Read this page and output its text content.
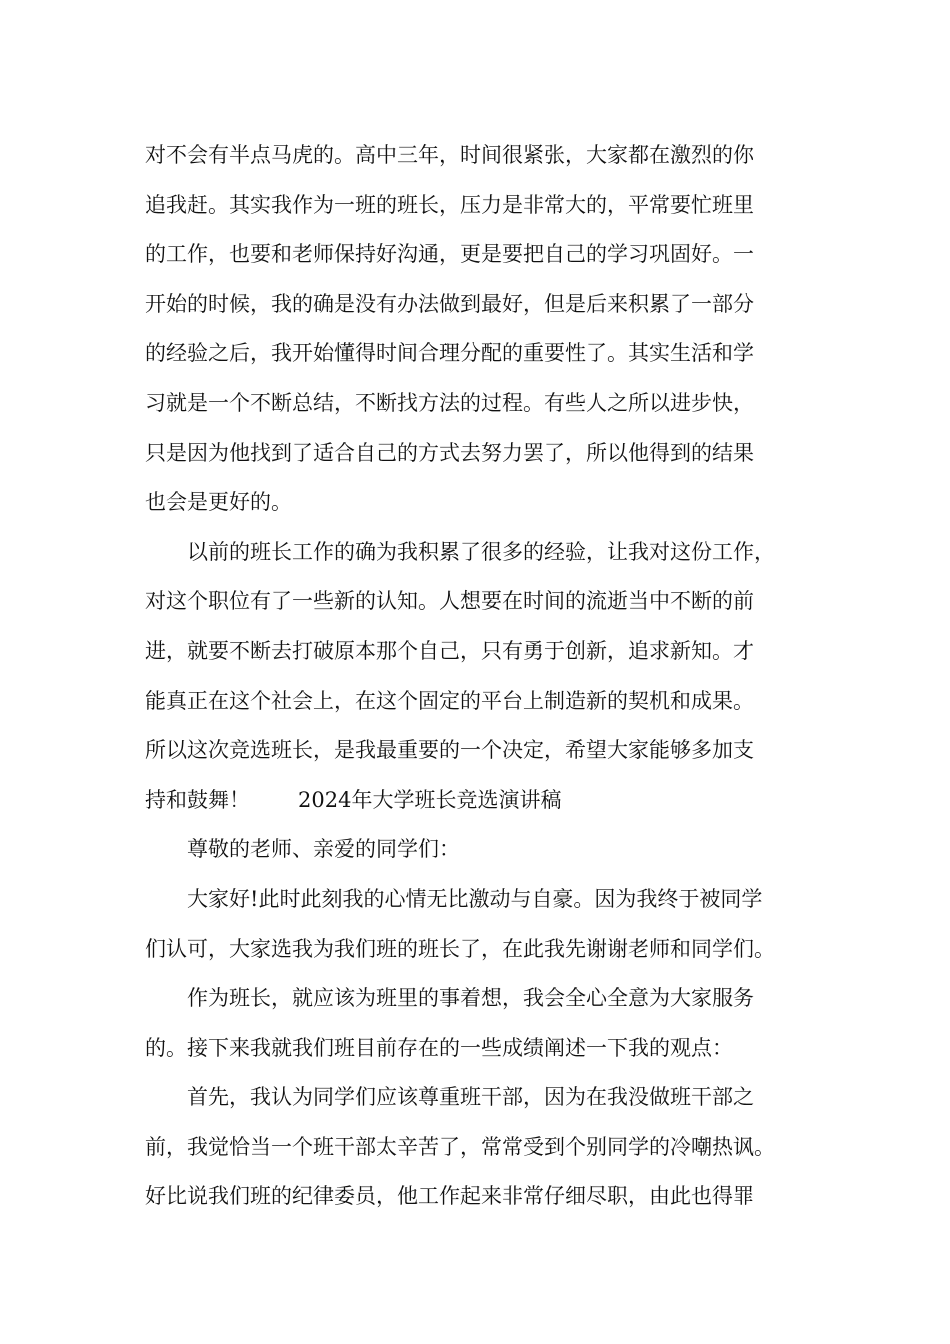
对不会有半点马虎的。高中三年，时间很紧张，大家都在激烈的你
追我赶。其实我作为一班的班长，压力是非常大的，平常要忙班里
的工作，也要和老师保持好沟通，更是要把自己的学习巩固好。一
开始的时候，我的确是没有办法做到最好，但是后来积累了一部分
的经验之后，我开始懂得时间合理分配的重要性了。其实生活和学
习就是一个不断总结，不断找方法的过程。有些人之所以进步快，
只是因为他找到了适合自己的方式去努力罢了，所以他得到的结果
也会是更好的。
以前的班长工作的确为我积累了很多的经验，让我对这份工作，
对这个职位有了一些新的认知。人想要在时间的流逝当中不断的前
进，就要不断去打破原本那个自己，只有勇于创新，追求新知。才
能真正在这个社会上，在这个固定的平台上制造新的契机和成果。
所以这次竞选班长，是我最重要的一个决定，希望大家能够多加支
持和鼓舞！ 2024年大学班长竞选演讲稿
尊敬的老师、亲爱的同学们：
大家好!此时此刻我的心情无比激动与自豪。因为我终于被同学
们认可，大家选我为我们班的班长了，在此我先谢谢老师和同学们。
作为班长，就应该为班里的事着想，我会全心全意为大家服务
的。接下来我就我们班目前存在的一些成绩阐述一下我的观点：
首先，我认为同学们应该尊重班干部，因为在我没做班干部之
前，我觉恰当一个班干部太辛苦了，常常受到个别同学的冷嘲热讽。
好比说我们班的纪律委员，他工作起来非常仔细尽职，由此也得罪
